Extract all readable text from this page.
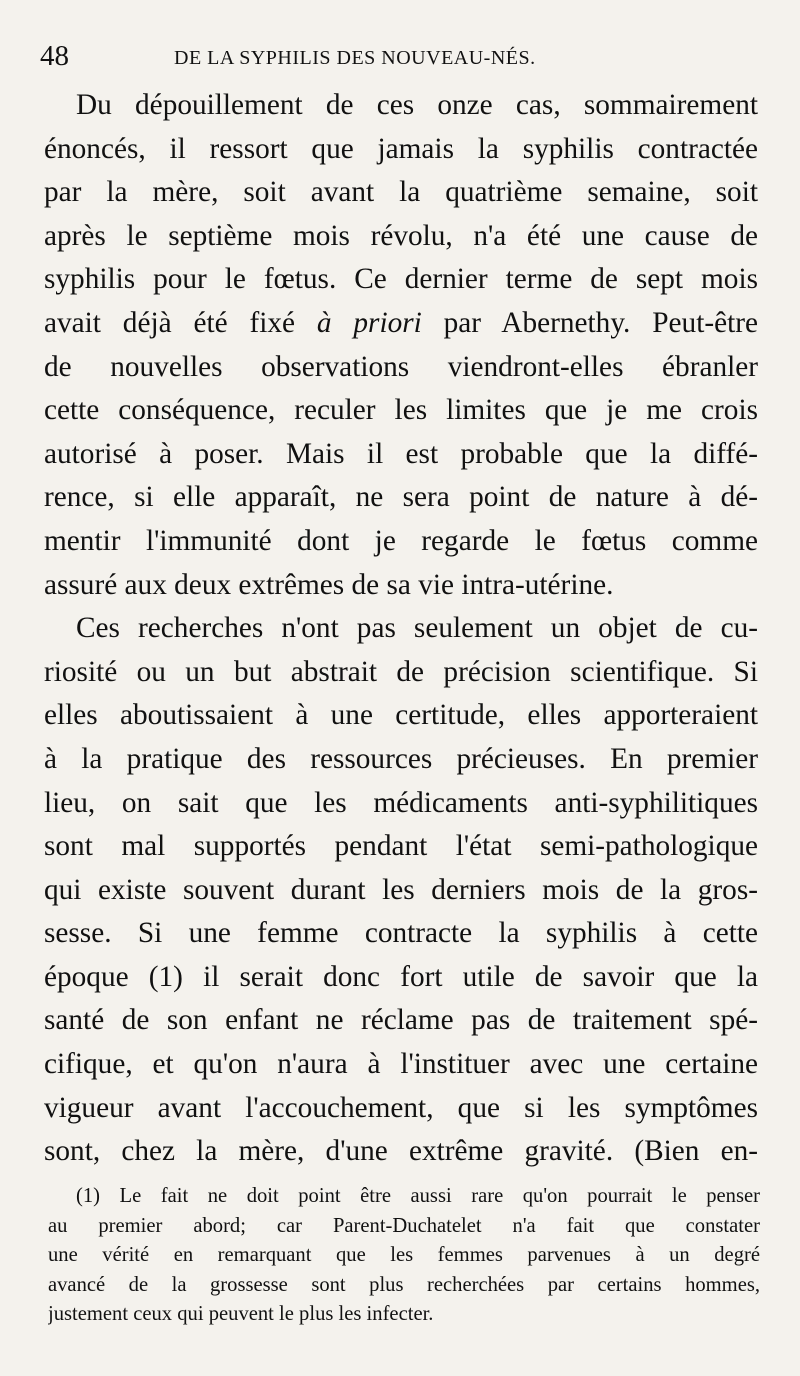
48	DE LA SYPHILIS DES NOUVEAU-NÉS.
Du dépouillement de ces onze cas, sommairement
énoncés, il ressort que jamais la syphilis contractée
par la mère, soit avant la quatrième semaine, soit
après le septième mois révolu, n'a été une cause de
syphilis pour le fœtus. Ce dernier terme de sept mois
avait déjà été fixé à priori par Abernethy. Peut-être
de nouvelles observations viendront-elles ébranler
cette conséquence, reculer les limites que je me crois
autorisé à poser. Mais il est probable que la diffé-
rence, si elle apparaît, ne sera point de nature à dé-
mentir l'immunité dont je regarde le fœtus comme
assuré aux deux extrêmes de sa vie intra-utérine.
Ces recherches n'ont pas seulement un objet de cu-
riosité ou un but abstrait de précision scientifique. Si
elles aboutissaient à une certitude, elles apporteraient
à la pratique des ressources précieuses. En premier
lieu, on sait que les médicaments anti-syphilitiques
sont mal supportés pendant l'état semi-pathologique
qui existe souvent durant les derniers mois de la gros-
sesse. Si une femme contracte la syphilis à cette
époque (1) il serait donc fort utile de savoir que la
santé de son enfant ne réclame pas de traitement spé-
cifique, et qu'on n'aura à l'instituer avec une certaine
vigueur avant l'accouchement, que si les symptômes
sont, chez la mère, d'une extrême gravité. (Bien en-
(1) Le fait ne doit point être aussi rare qu'on pourrait le penser
au premier abord; car Parent-Duchatelet n'a fait que constater
une vérité en remarquant que les femmes parvenues à un degré
avancé de la grossesse sont plus recherchées par certains hommes,
justement ceux qui peuvent le plus les infecter.
